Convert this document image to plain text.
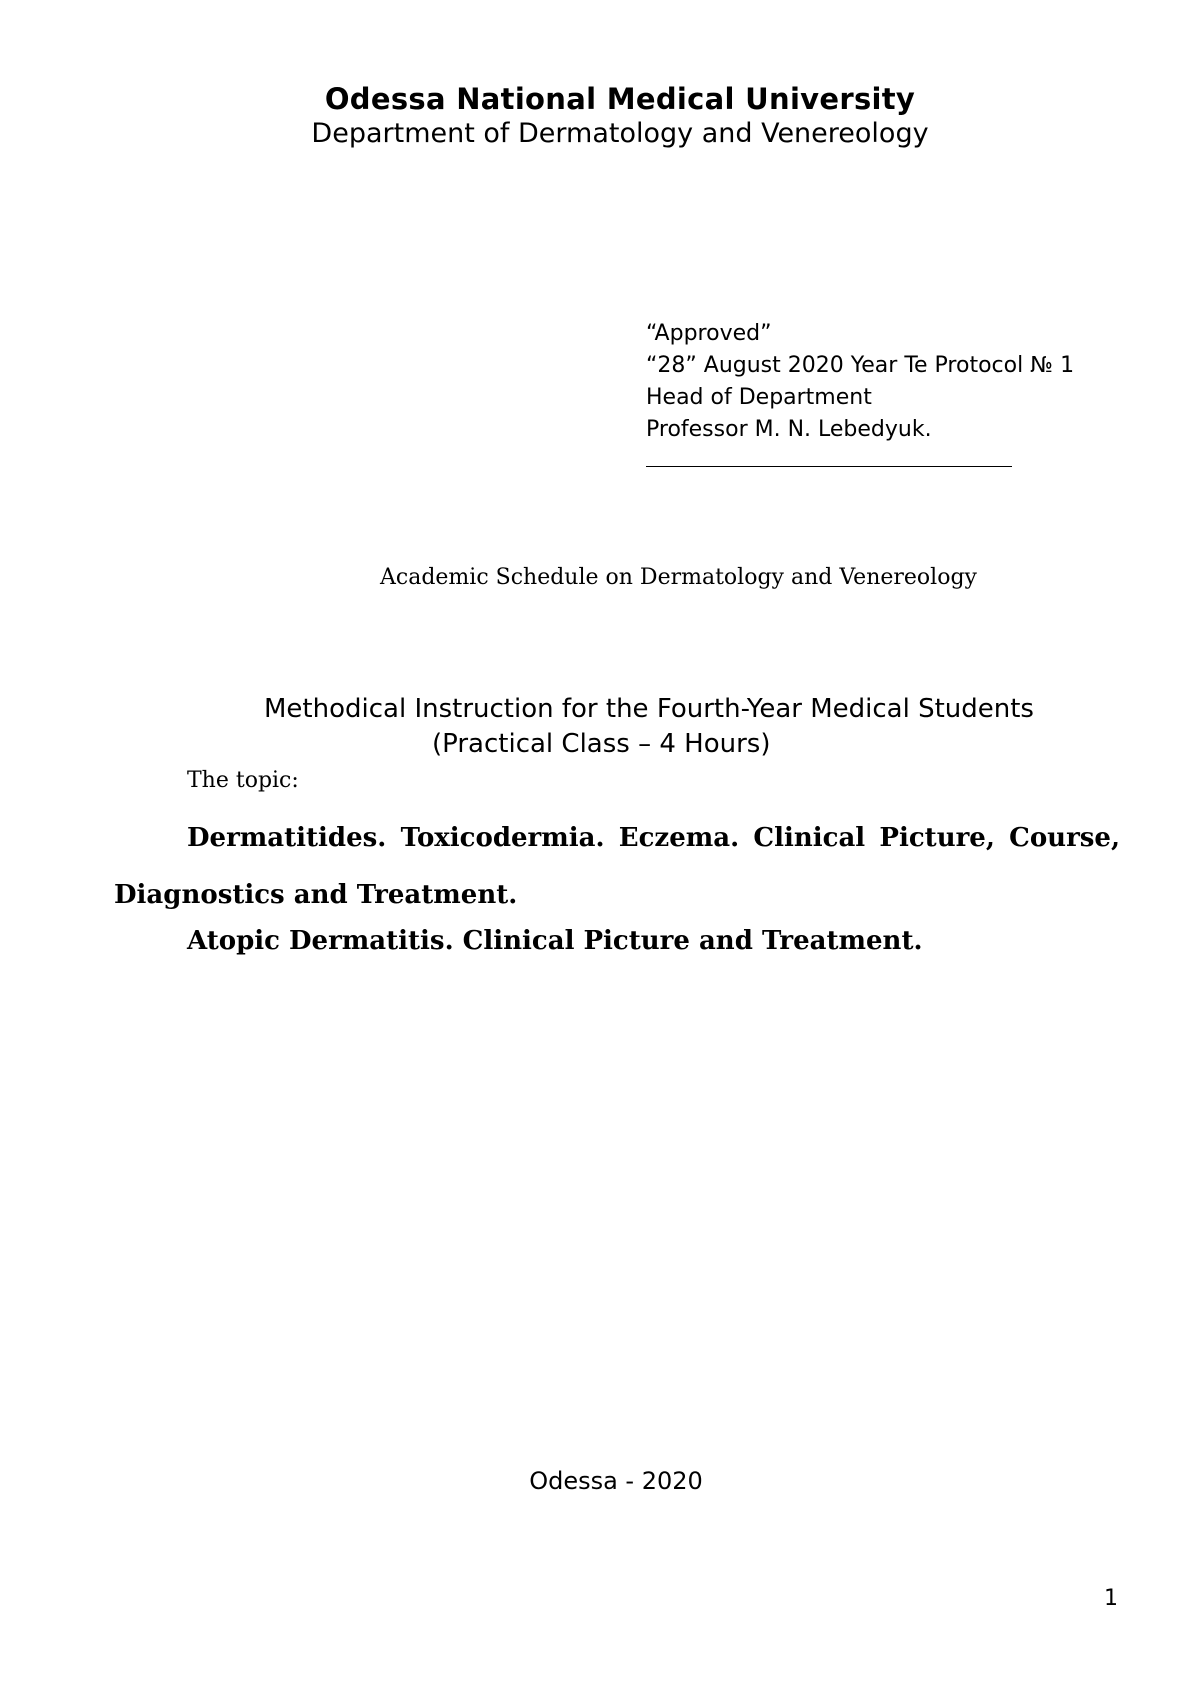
Odessa National Medical University
Department of Dermatology and Venereology
“Approved”
“28” August 2020 Year Te Protocol № 1
Head of Department
Professor M. N. Lebedyuk.
Academic Schedule on Dermatology and Venereology
Methodical Instruction for the Fourth-Year Medical Students
(Practical Class – 4 Hours)
The topic:
Dermatitides. Toxicodermia. Eczema. Clinical Picture, Course, Diagnostics and Treatment.
Atopic Dermatitis. Clinical Picture and Treatment.
Odessa - 2020
1
